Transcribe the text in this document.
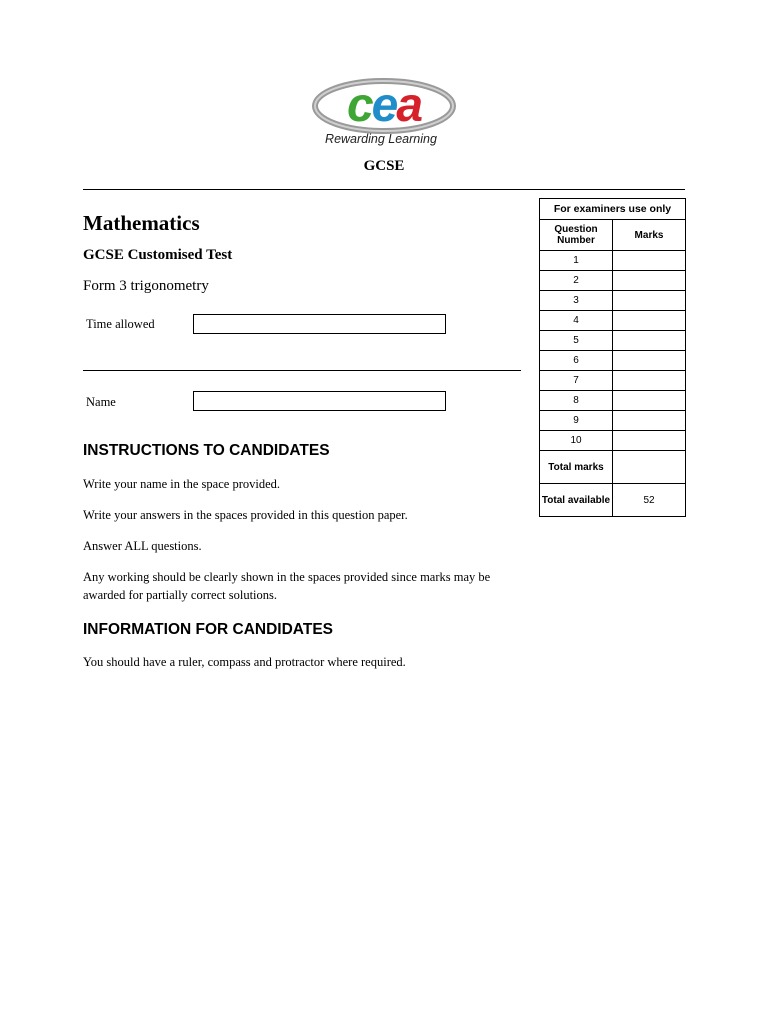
cea
Rewarding Learning
GCSE
Mathematics
GCSE Customised Test
Form 3 trigonometry
Time allowed
Name
INSTRUCTIONS TO CANDIDATES
Write your name in the space provided.
Write your answers in the spaces provided in this question paper.
Answer ALL questions.
Any working should be clearly shown in the spaces provided since marks may be awarded for partially correct solutions.
INFORMATION FOR CANDIDATES
You should have a ruler, compass and protractor where required.
For examiners use only	
Question Number	Marks
1	
2	
3	
4	
5	
6	
7	
8	
9	
10	
Total marks	
Total available	52
